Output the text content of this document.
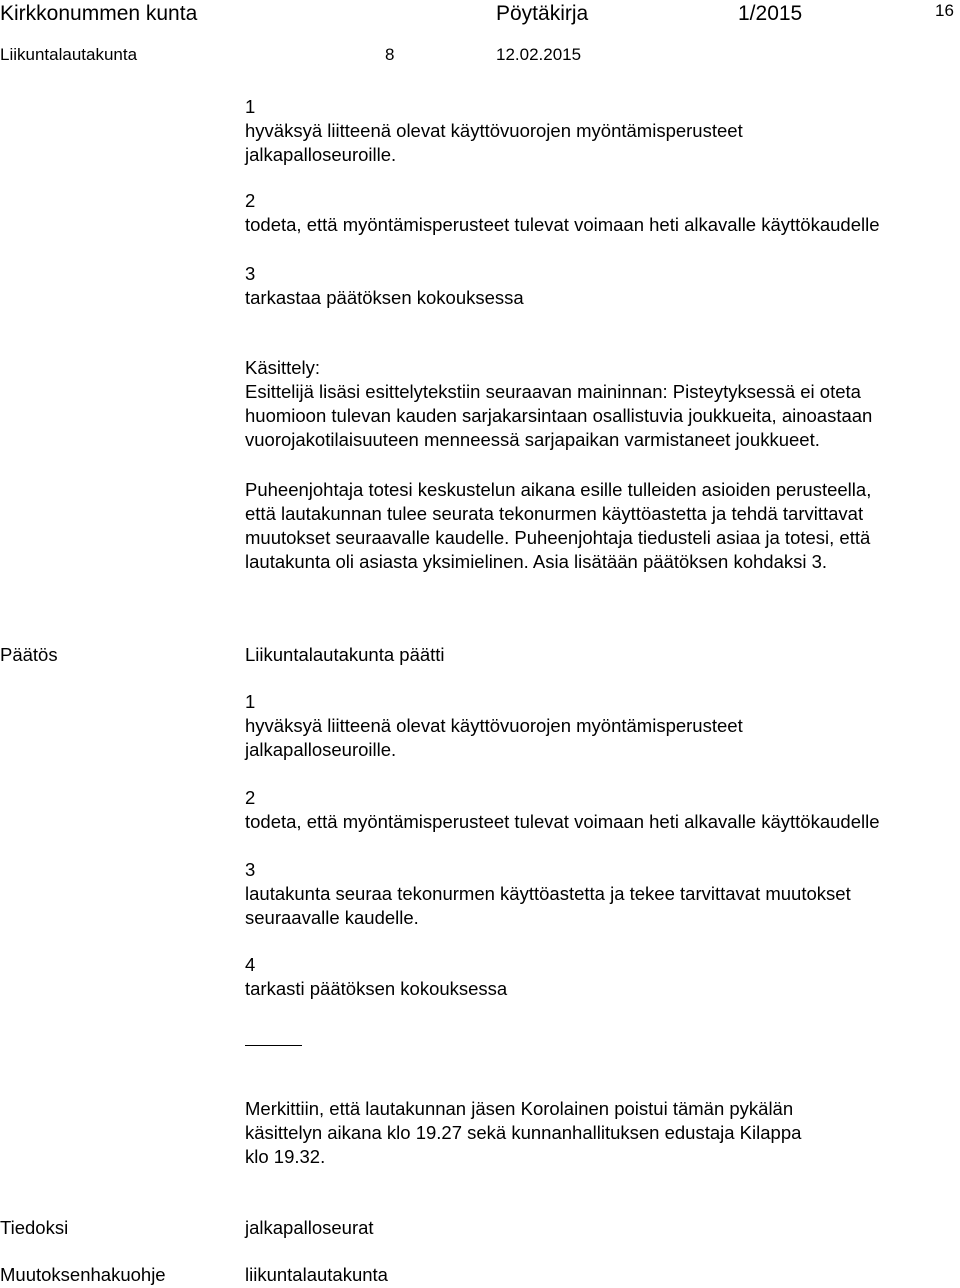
Kirkkonummen kunta	Pöytäkirja	1/2015	16
Liikuntalautakunta	8	12.02.2015
1
hyväksyä liitteenä olevat käyttövuorojen myöntämisperusteet
jalkapalloseuroille.
2
todeta, että myöntämisperusteet tulevat voimaan heti alkavalle käyttökaudelle
3
tarkastaa päätöksen kokouksessa
Käsittely:
Esittelijä lisäsi esittelytekstiin seuraavan maininnan: Pisteytyksessä ei oteta
huomioon tulevan kauden sarjakarsintaan osallistuvia joukkueita, ainoastaan
vuorojakotilaisuuteen menneessä sarjapaikan varmistaneet joukkueet.
Puheenjohtaja totesi keskustelun aikana esille tulleiden asioiden perusteella,
että lautakunnan tulee seurata tekonurmen käyttöastetta ja tehdä tarvittavat
muutokset seuraavalle kaudelle. Puheenjohtaja tiedusteli asiaa ja totesi, että
lautakunta oli asiasta yksimielinen. Asia lisätään päätöksen kohdaksi 3.
Päätös	Liikuntalautakunta päätti
1
hyväksyä liitteenä olevat käyttövuorojen myöntämisperusteet
jalkapalloseuroille.
2
todeta, että myöntämisperusteet tulevat voimaan heti alkavalle käyttökaudelle
3
lautakunta seuraa tekonurmen käyttöastetta ja tekee tarvittavat muutokset
seuraavalle kaudelle.
4
tarkasti päätöksen kokouksessa
Merkittiin, että lautakunnan jäsen Korolainen poistui tämän pykälän
käsittelyn aikana klo 19.27 sekä kunnanhallituksen edustaja Kilappa
klo 19.32.
Tiedoksi	jalkapalloseurat
Muutoksenhakuohje	liikuntalautakunta
